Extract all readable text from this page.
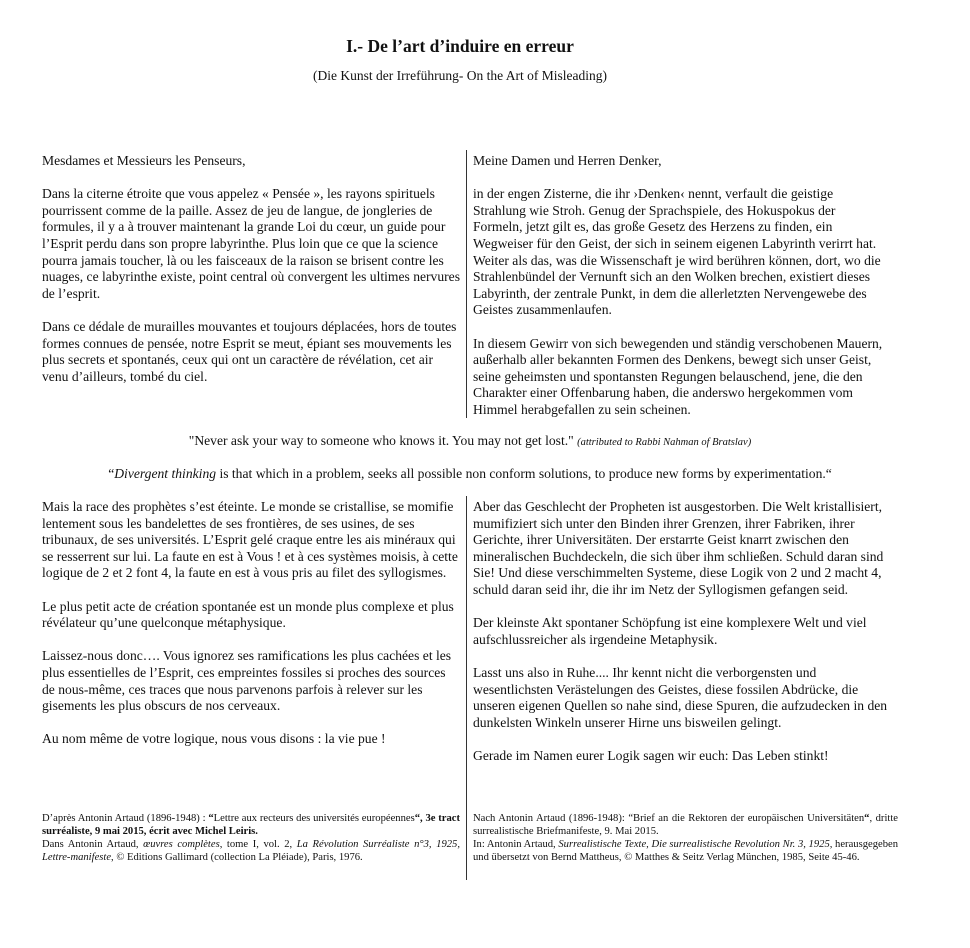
I.- De l’art d’induire en erreur
(Die Kunst der Irreführung- On the Art of Misleading)

Mesdames et Messieurs les Penseurs,

Dans la citerne étroite que vous appelez « Pensée », les rayons spirituels pourrissent comme de la paille. Assez de jeu de langue, de jongleries de formules, il y a à trouver maintenant la grande Loi du cœur, un guide pour l’Esprit perdu dans son propre labyrinthe. Plus loin que ce que la science pourra jamais toucher, là ou les faisceaux de la raison se brisent contre les nuages, ce labyrinthe existe, point central où convergent les ultimes nervures de l’esprit.

Dans ce dédale de murailles mouvantes et toujours déplacées, hors de toutes formes connues de pensée, notre Esprit se meut, épiant ses mouvements les plus secrets et spontanés, ceux qui ont un caractère de révélation, cet air venu d’ailleurs, tombé du ciel.

Meine Damen und Herren Denker,

in der engen Zisterne, die ihr ›Denken‹ nennt, verfault die geistige Strahlung wie Stroh. Genug der Sprachspiele, des Hokuspokus der Formeln, jetzt gilt es, das große Gesetz des Herzens zu finden, ein Wegweiser für den Geist, der sich in seinem eigenen Labyrinth verirrt hat. Weiter als das, was die Wissenschaft je wird berühren können, dort, wo die Strahlenbündel der Vernunft sich an den Wolken brechen, existiert dieses Labyrinth, der zentrale Punkt, in dem die allerletzten Nervengewebe des Geistes zusammenlaufen.

In diesem Gewirr von sich bewegenden und ständig verschobenen Mauern, außerhalb aller bekannten Formen des Denkens, bewegt sich unser Geist, seine geheimsten und spontansten Regungen belauschend, jene, die den Charakter einer Offenbarung haben, die anderswo hergekommen vom Himmel herabgefallen zu sein scheinen.

"Never ask your way to someone who knows it. You may not get lost." (attributed to Rabbi Nahman of Bratslav)
“Divergent thinking is that which in a problem, seeks all possible non conform solutions, to produce new forms by experimentation.“

Mais la race des prophètes s’est éteinte. Le monde se cristallise, se momifie lentement sous les bandelettes de ses frontières, de ses usines, de ses tribunaux, de ses universités. L’Esprit gelé craque entre les ais minéraux qui se resserrent sur lui. La faute en est à Vous ! et à ces systèmes moisis, à cette logique de 2 et 2 font 4, la faute en est à vous pris au filet des syllogismes.

Le plus petit acte de création spontanée est un monde plus complexe et plus révélateur qu’une quelconque métaphysique.

Laissez-nous donc…. Vous ignorez ses ramifications les plus cachées et les plus essentielles de l’Esprit, ces empreintes fossiles si proches des sources de nous-même, ces traces que nous parvenons parfois à relever sur les gisements les plus obscurs de nos cerveaux.

Au nom même de votre logique, nous vous disons : la vie pue !

Aber das Geschlecht der Propheten ist ausgestorben. Die Welt kristallisiert, mumifiziert sich unter den Binden ihrer Grenzen, ihrer Fabriken, ihrer Gerichte, ihrer Universitäten. Der erstarrte Geist knarrt zwischen den mineralischen Buchdeckeln, die sich über ihm schließen. Schuld daran sind Sie! Und diese verschimmelten Systeme, diese Logik von 2 und 2 macht 4, schuld daran seid ihr, die ihr im Netz der Syllogismen gefangen seid.

Der kleinste Akt spontaner Schöpfung ist eine komplexere Welt und viel aufschlussreicher als irgendeine Metaphysik.

Lasst uns also in Ruhe.... Ihr kennt nicht die verborgensten und wesentlichsten Verästelungen des Geistes, diese fossilen Abdrücke, die unseren eigenen Quellen so nahe sind, diese Spuren, die aufzudecken in den dunkelsten Winkeln unserer Hirne uns bisweilen gelingt.

Gerade im Namen eurer Logik sagen wir euch: Das Leben stinkt!

D’après Antonin Artaud (1896-1948) : “Lettre aux recteurs des universités européennes“, 3e tract surréaliste, 9 mai 2015, écrit avec Michel Leiris.

Dans Antonin Artaud, œuvres complètes, tome I, vol. 2, La Révolution Surréaliste n°3, 1925, Lettre-manifeste, © Editions Gallimard (collection La Pléiade), Paris, 1976.

Nach Antonin Artaud (1896-1948): “Brief an die Rektoren der europäischen Universitäten“, dritte surrealistische Briefmanifeste, 9. Mai 2015.

In: Antonin Artaud, Surrealistische Texte, Die surrealistische Revolution Nr. 3, 1925, herausgegeben und übersetzt von Bernd Mattheus, © Matthes & Seitz Verlag München, 1985, Seite 45-46.
